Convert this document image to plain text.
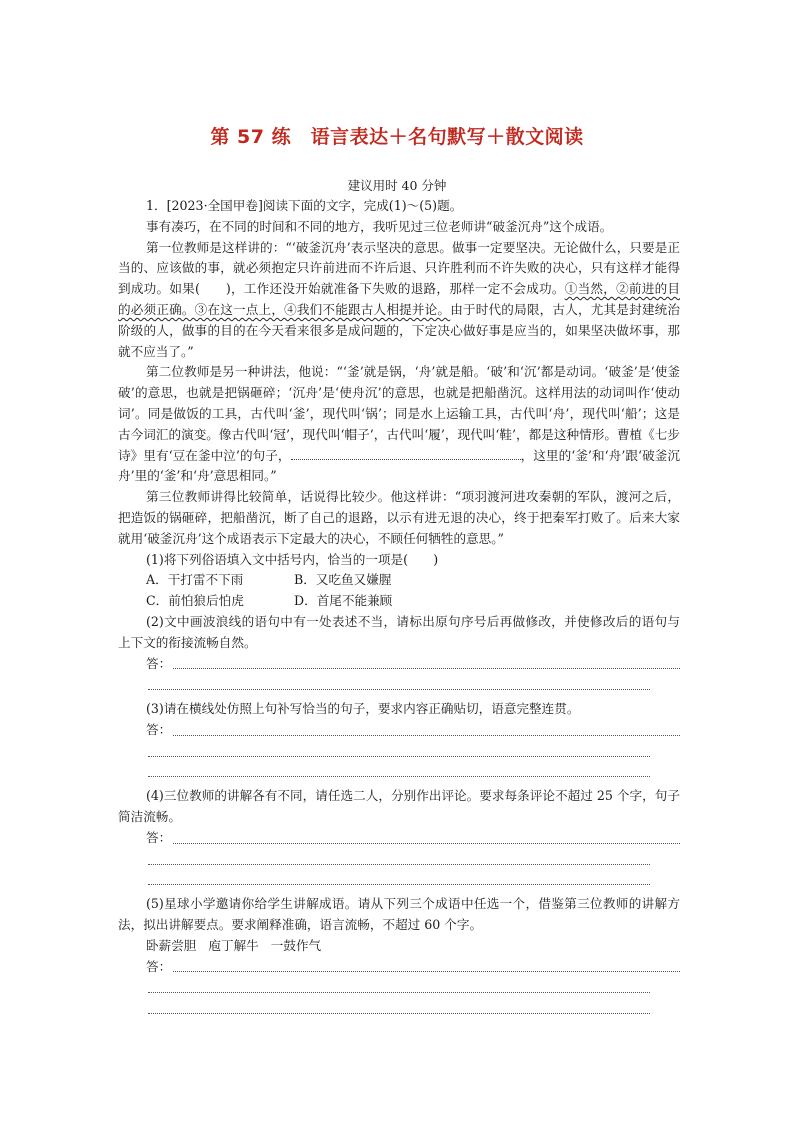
第 57 练　语言表达＋名句默写＋散文阅读
建议用时 40 分钟

1．[2023·全国甲卷]阅读下面的文字，完成(1)～(5)题。

事有凑巧，在不同的时间和不同的地方，我听见过三位老师讲“破釜沉舟”这个成语。

第一位教师是这样讲的：“‘破釜沉舟’表示坚决的意思。做事一定要坚决。无论做什么，只要是正当的、应该做的事，就必须抱定只许前进而不许后退、只许胜利而不许失败的决心，只有这样才能得到成功。如果(　　)，工作还没开始就准备下失败的退路，那样一定不会成功。①当然，②前进的目的必须正确。③在这一点上，④我们不能跟古人相提并论。由于时代的局限，古人，尤其是封建统治阶级的人，做事的目的在今天看来很多是成问题的，下定决心做好事是应当的，如果坚决做坏事，那就不应当了。”

第二位教师是另一种讲法，他说：“‘釜’就是锅，‘舟’就是船。‘破’和‘沉’都是动词。‘破釜’是‘使釜破’的意思，也就是把锅砸碎；‘沉舟’是‘使舟沉’的意思，也就是把船凿沉。这样用法的动词叫作‘使动词’。同是做饭的工具，古代叫‘釜’，现代叫‘锅’；同是水上运输工具，古代叫‘舟’，现代叫‘船’；这是古今词汇的演变。像古代叫‘冠’，现代叫‘帽子’，古代叫‘履’，现代叫‘鞋’，都是这种情形。曹植《七步诗》里有‘豆在釜中泣’的句子，	，这里的‘釜’和‘舟’跟‘破釜沉舟’里的‘釜’和‘舟’意思相同。”

第三位教师讲得比较简单，话说得比较少。他这样讲：“项羽渡河进攻秦朝的军队，渡河之后，把造饭的锅砸碎，把船凿沉，断了自己的退路，以示有进无退的决心，终于把秦军打败了。后来大家就用‘破釜沉舟’这个成语表示下定最大的决心，不顾任何牺牲的意思。”

(1)将下列俗语填入文中括号内，恰当的一项是(　　)

A．干打雷不下雨	B．又吃鱼又嫌腥
C．前怕狼后怕虎	D．首尾不能兼顾

(2)文中画波浪线的语句中有一处表述不当，请标出原句序号后再做修改，并使修改后的语句与上下文的衔接流畅自然。

答：

(3)请在横线处仿照上句补写恰当的句子，要求内容正确贴切，语意完整连贯。

答：

(4)三位教师的讲解各有不同，请任选二人，分别作出评论。要求每条评论不超过 25 个字，句子简洁流畅。

答：

(5)星球小学邀请你给学生讲解成语。请从下列三个成语中任选一个，借鉴第三位教师的讲解方法，拟出讲解要点。要求阐释准确，语言流畅，不超过 60 个字。

卧薪尝胆 庖丁解牛 一鼓作气
答：
